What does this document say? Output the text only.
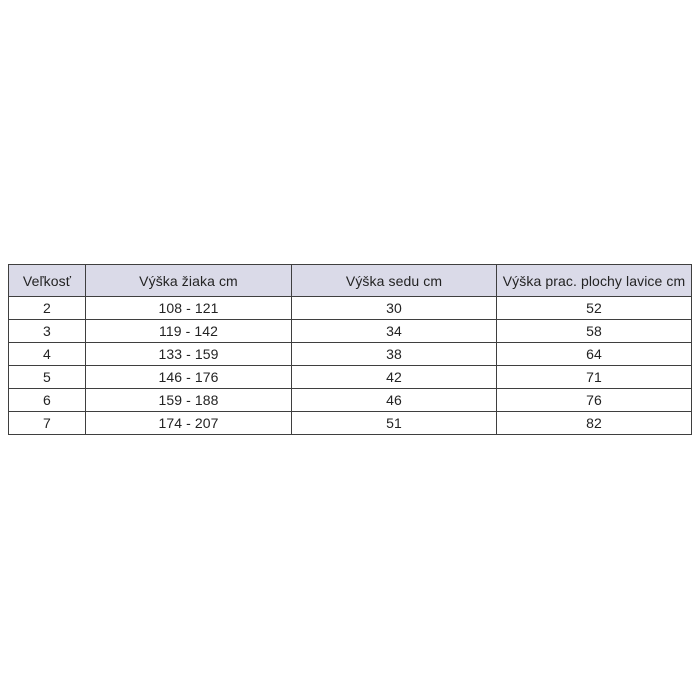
Veľkosť	Výška žiaka cm	Výška sedu cm	Výška prac. plochy lavice cm
2	108 - 121	30	52
3	119 - 142	34	58
4	133 - 159	38	64
5	146 - 176	42	71
6	159 - 188	46	76
7	174 - 207	51	82
